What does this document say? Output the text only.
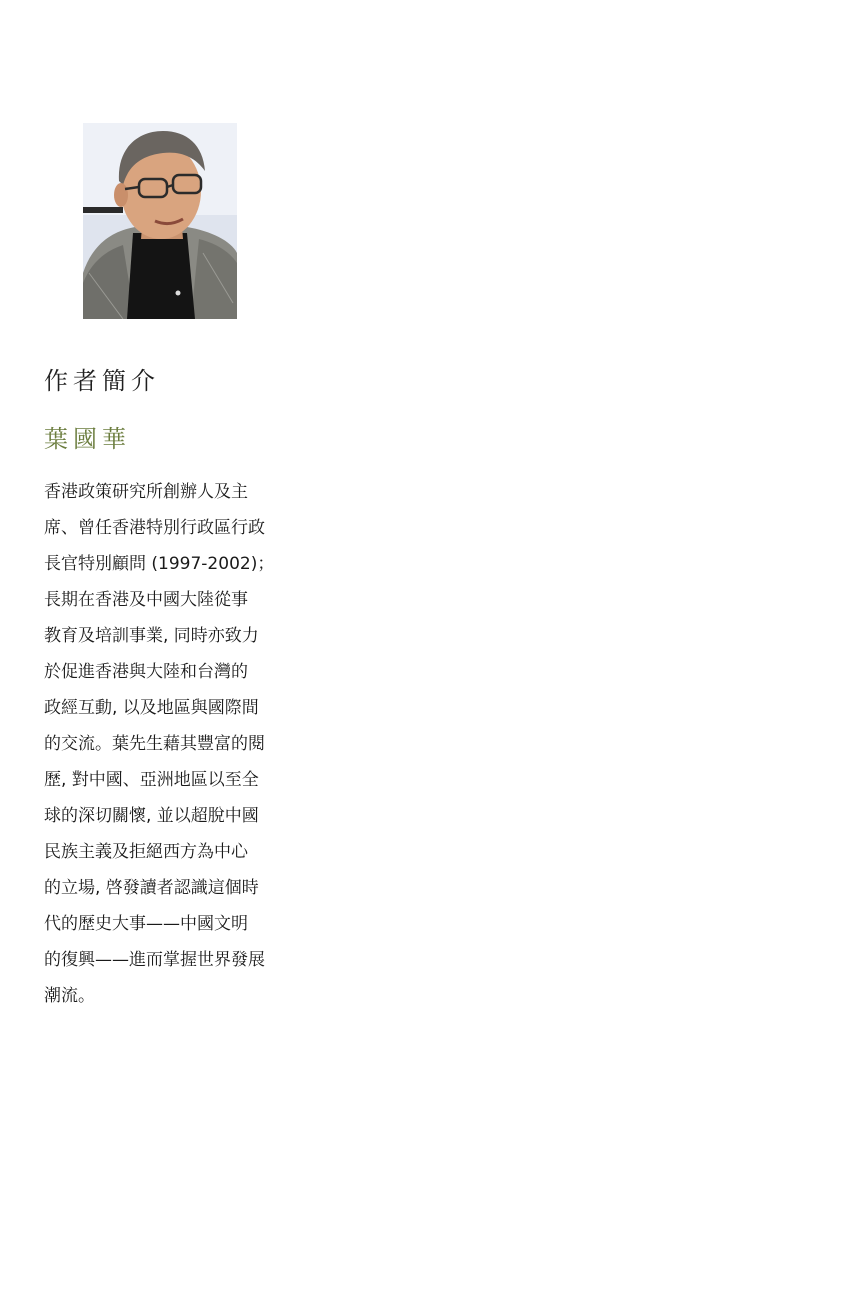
作者簡介
葉國華
香港政策研究所創辦人及主
席、曾任香港特別行政區行政
長官特別顧問 (1997-2002)；
長期在香港及中國大陸從事
教育及培訓事業, 同時亦致力
於促進香港與大陸和台灣的
政經互動, 以及地區與國際間
的交流。葉先生藉其豐富的閱
歷, 對中國、亞洲地區以至全
球的深切關懷, 並以超脫中國
民族主義及拒絕西方為中心
的立場, 啓發讀者認識這個時
代的歷史大事——中國文明
的復興——進而掌握世界發展
潮流。
